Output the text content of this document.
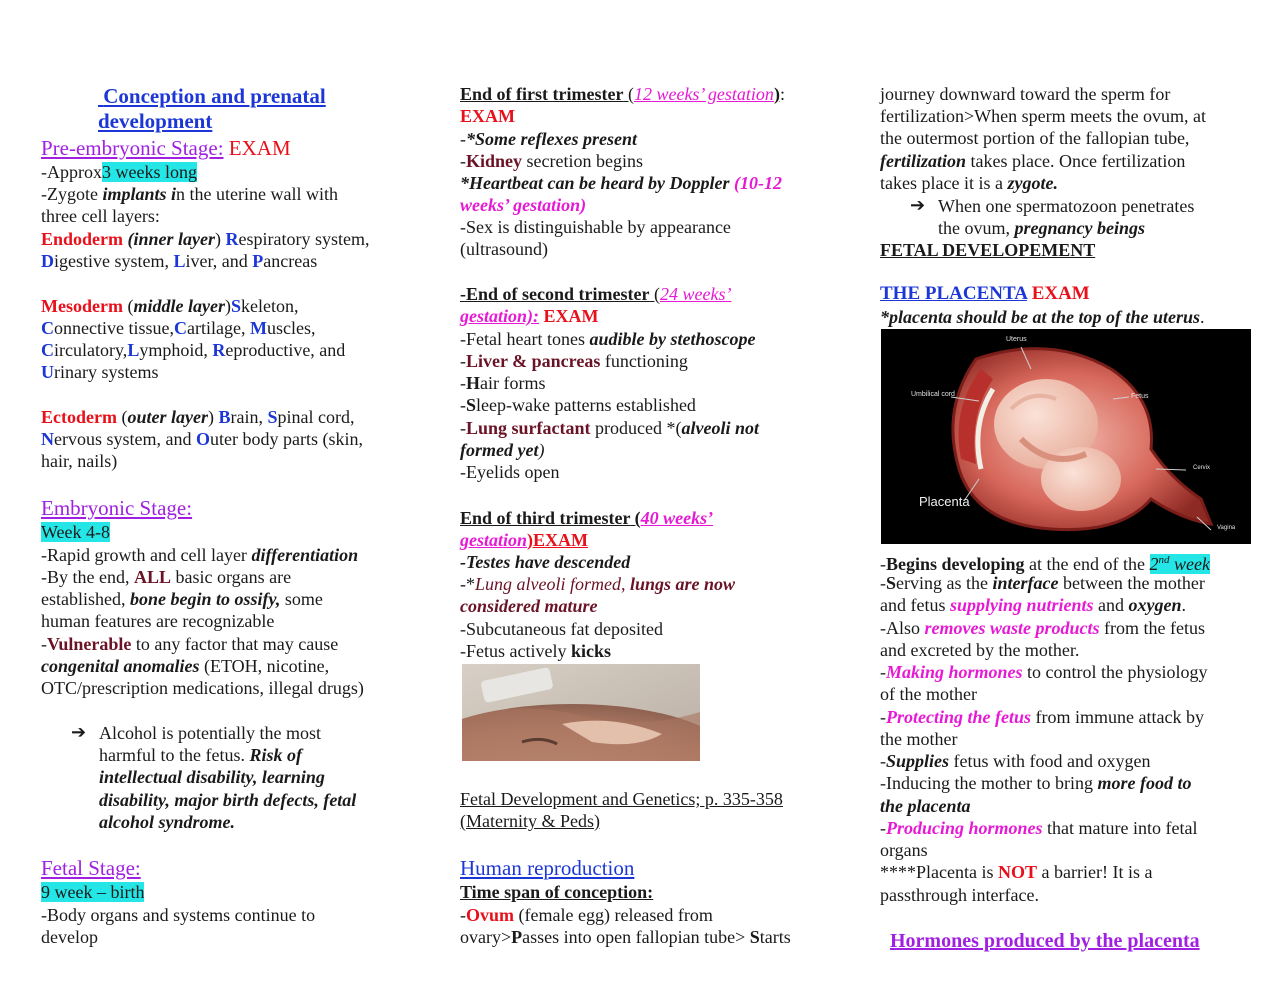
Conception and prenatal
development
Pre-embryonic Stage: EXAM
-Approx3 weeks long
-Zygote implants in the uterine wall with
three cell layers:
Endoderm (inner layer) Respiratory system,
Digestive system, Liver, and Pancreas
Mesoderm (middle layer)Skeleton,
Connective tissue,Cartilage, Muscles,
Circulatory,Lymphoid, Reproductive, and
Urinary systems
Ectoderm (outer layer) Brain, Spinal cord,
Nervous system, and Outer body parts (skin,
hair, nails)
Embryonic Stage:
Week 4-8
-Rapid growth and cell layer differentiation
-By the end, ALL basic organs are
established, bone begin to ossify, some
human features are recognizable
-Vulnerable to any factor that may cause
congenital anomalies (ETOH, nicotine,
OTC/prescription medications, illegal drugs)
➔ Alcohol is potentially the most
harmful to the fetus. Risk of
intellectual disability, learning
disability, major birth defects, fetal
alcohol syndrome.
Fetal Stage:
9 week – birth
-Body organs and systems continue to
develop
End of first trimester (12 weeks’ gestation):
EXAM
-*Some reflexes present
-Kidney secretion begins
*Heartbeat can be heard by Doppler (10-12
weeks’ gestation)
-Sex is distinguishable by appearance
(ultrasound)
-End of second trimester (24 weeks’
gestation): EXAM
-Fetal heart tones audible by stethoscope
-Liver & pancreas functioning
-Hair forms
-Sleep-wake patterns established
-Lung surfactant produced *(alveoli not
formed yet)
-Eyelids open
End of third trimester (40 weeks’
gestation)EXAM
-Testes have descended
-*Lung alveoli formed, lungs are now
considered mature
-Subcutaneous fat deposited
-Fetus actively kicks
Fetal Development and Genetics; p. 335-358
(Maternity & Peds)
Human reproduction
Time span of conception:
-Ovum (female egg) released from
ovary>Passes into open fallopian tube> Starts
journey downward toward the sperm for
fertilization>When sperm meets the ovum, at
the outermost portion of the fallopian tube,
fertilization takes place. Once fertilization
takes place it is a zygote.
➔ When one spermatozoon penetrates
the ovum, pregnancy beings
FETAL DEVELOPEMENT
THE PLACENTA EXAM
*placenta should be at the top of the uterus.
Uterus
Umbilical cord	Fetus
Placenta
Cervix
Vagina
-Begins developing at the end of the 2nd week
-Serving as the interface between the mother
and fetus supplying nutrients and oxygen.
-Also removes waste products from the fetus
and excreted by the mother.
-Making hormones to control the physiology
of the mother
-Protecting the fetus from immune attack by
the mother
-Supplies fetus with food and oxygen
-Inducing the mother to bring more food to
the placenta
-Producing hormones that mature into fetal
organs
****Placenta is NOT a barrier! It is a
passthrough interface.
Hormones produced by the placenta
